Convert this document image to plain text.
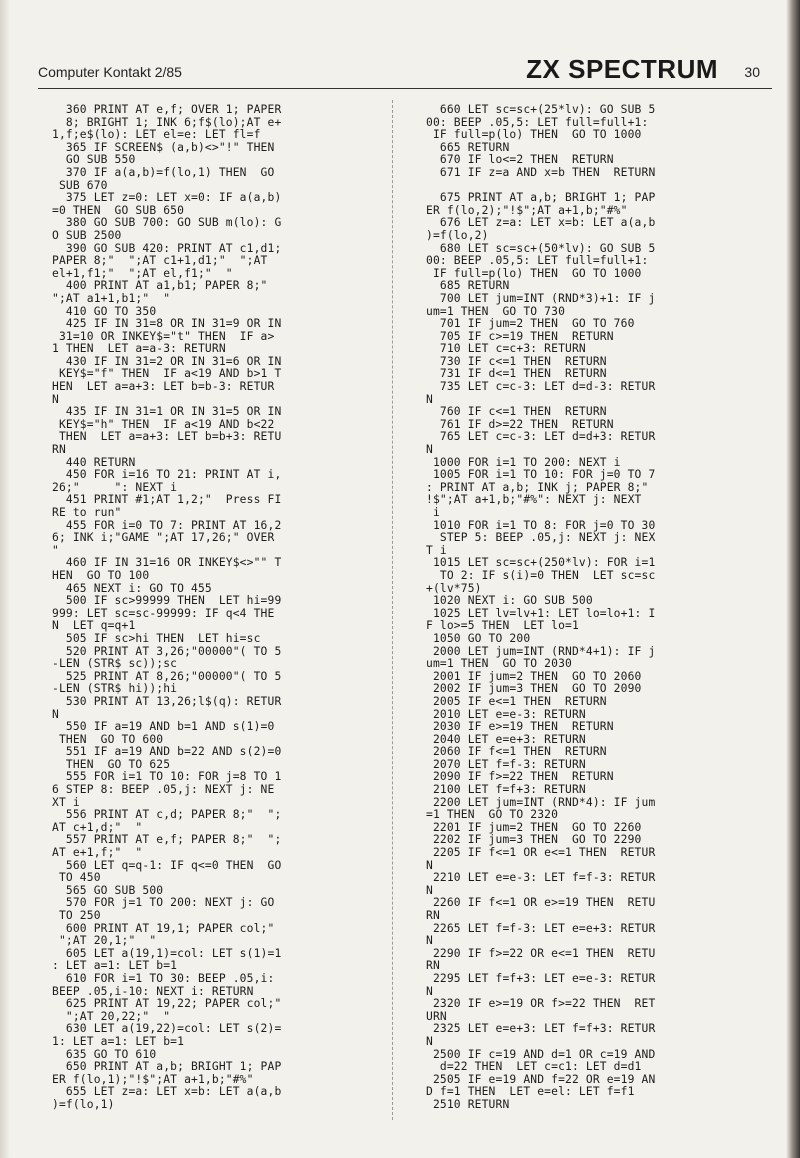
Computer Kontakt 2/85	ZX SPECTRUM 30
360 PRINT AT e,f; OVER 1; PAPER
8; BRIGHT 1; INK 6;f$(lo);AT e+
1,f;e$(lo): LET el=e: LET fl=f
365 IF SCREEN$ (a,b)<>"!" THEN
GO SUB 550
370 IF a(a,b)=f(lo,1) THEN  GO
SUB 670
375 LET z=0: LET x=0: IF a(a,b)
=0 THEN  GO SUB 650
380 GO SUB 700: GO SUB m(lo): G
O SUB 2500
390 GO SUB 420: PRINT AT c1,d1;
PAPER 8;"  ";AT c1+1,d1;"  ";AT
el+1,f1;"  ";AT el,f1;"  "
400 PRINT AT a1,b1; PAPER 8;"
";AT a1+1,b1;"  "
410 GO TO 350
425 IF IN 31=8 OR IN 31=9 OR IN
31=10 OR INKEY$="t" THEN  IF a>
1 THEN  LET a=a-3: RETURN
430 IF IN 31=2 OR IN 31=6 OR IN
KEY$="f" THEN  IF a<19 AND b>1 T
HEN  LET a=a+3: LET b=b-3: RETUR
N
435 IF IN 31=1 OR IN 31=5 OR IN
KEY$="h" THEN  IF a<19 AND b<22
THEN  LET a=a+3: LET b=b+3: RETU
RN
440 RETURN
450 FOR i=16 TO 21: PRINT AT i,
26;"     ": NEXT i
451 PRINT #1;AT 1,2;"  Press FI
RE to run"
455 FOR i=0 TO 7: PRINT AT 16,2
6; INK i;"GAME ";AT 17,26;" OVER
"
460 IF IN 31=16 OR INKEY$<>"" T
HEN  GO TO 100
465 NEXT i: GO TO 455
500 IF sc>99999 THEN  LET hi=99
999: LET sc=sc-99999: IF q<4 THE
N  LET q=q+1
505 IF sc>hi THEN  LET hi=sc
520 PRINT AT 3,26;"00000"( TO 5
-LEN (STR$ sc));sc
525 PRINT AT 8,26;"00000"( TO 5
-LEN (STR$ hi));hi
530 PRINT AT 13,26;l$(q): RETUR
N
550 IF a=19 AND b=1 AND s(1)=0
THEN  GO TO 600
551 IF a=19 AND b=22 AND s(2)=0
THEN  GO TO 625
555 FOR i=1 TO 10: FOR j=8 TO 1
6 STEP 8: BEEP .05,j: NEXT j: NE
XT i
556 PRINT AT c,d; PAPER 8;"  ";
AT c+1,d;"  "
557 PRINT AT e,f; PAPER 8;"  ";
AT e+1,f;"  "
560 LET q=q-1: IF q<=0 THEN  GO
TO 450
565 GO SUB 500
570 FOR j=1 TO 200: NEXT j: GO
TO 250
600 PRINT AT 19,1; PAPER col;"
";AT 20,1;"  "
605 LET a(19,1)=col: LET s(1)=1
: LET a=1: LET b=1
610 FOR i=1 TO 30: BEEP .05,i:
BEEP .05,i-10: NEXT i: RETURN
625 PRINT AT 19,22; PAPER col;"
";AT 20,22;"  "
630 LET a(19,22)=col: LET s(2)=
1: LET a=1: LET b=1
635 GO TO 610
650 PRINT AT a,b; BRIGHT 1; PAP
ER f(lo,1);"!$";AT a+1,b;"#%"
655 LET z=a: LET x=b: LET a(a,b
)=f(lo,1)
660 LET sc=sc+(25*lv): GO SUB 5
00: BEEP .05,5: LET full=full+1:
IF full=p(lo) THEN  GO TO 1000
665 RETURN
670 IF lo<=2 THEN  RETURN
671 IF z=a AND x=b THEN  RETURN
675 PRINT AT a,b; BRIGHT 1; PAP
ER f(lo,2);"!$";AT a+1,b;"#%"
676 LET z=a: LET x=b: LET a(a,b
)=f(lo,2)
680 LET sc=sc+(50*lv): GO SUB 5
00: BEEP .05,5: LET full=full+1:
IF full=p(lo) THEN  GO TO 1000
685 RETURN
700 LET jum=INT (RND*3)+1: IF j
um=1 THEN  GO TO 730
701 IF jum=2 THEN  GO TO 760
705 IF c>=19 THEN  RETURN
710 LET c=c+3: RETURN
730 IF c<=1 THEN  RETURN
731 IF d<=1 THEN  RETURN
735 LET c=c-3: LET d=d-3: RETUR
N
760 IF c<=1 THEN  RETURN
761 IF d>=22 THEN  RETURN
765 LET c=c-3: LET d=d+3: RETUR
N
1000 FOR i=1 TO 200: NEXT i
1005 FOR i=1 TO 10: FOR j=0 TO 7
: PRINT AT a,b; INK j; PAPER 8;"
!$";AT a+1,b;"#%": NEXT j: NEXT
i
1010 FOR i=1 TO 8: FOR j=0 TO 30
STEP 5: BEEP .05,j: NEXT j: NEX
T i
1015 LET sc=sc+(250*lv): FOR i=1
TO 2: IF s(i)=0 THEN  LET sc=sc
+(lv*75)
1020 NEXT i: GO SUB 500
1025 LET lv=lv+1: LET lo=lo+1: I
F lo>=5 THEN  LET lo=1
1050 GO TO 200
2000 LET jum=INT (RND*4+1): IF j
um=1 THEN  GO TO 2030
2001 IF jum=2 THEN  GO TO 2060
2002 IF jum=3 THEN  GO TO 2090
2005 IF e<=1 THEN  RETURN
2010 LET e=e-3: RETURN
2030 IF e>=19 THEN  RETURN
2040 LET e=e+3: RETURN
2060 IF f<=1 THEN  RETURN
2070 LET f=f-3: RETURN
2090 IF f>=22 THEN  RETURN
2100 LET f=f+3: RETURN
2200 LET jum=INT (RND*4): IF jum
=1 THEN  GO TO 2320
2201 IF jum=2 THEN  GO TO 2260
2202 IF jum=3 THEN  GO TO 2290
2205 IF f<=1 OR e<=1 THEN  RETUR
N
2210 LET e=e-3: LET f=f-3: RETUR
N
2260 IF f<=1 OR e>=19 THEN  RETU
RN
2265 LET f=f-3: LET e=e+3: RETUR
N
2290 IF f>=22 OR e<=1 THEN  RETU
RN
2295 LET f=f+3: LET e=e-3: RETUR
N
2320 IF e>=19 OR f>=22 THEN  RET
URN
2325 LET e=e+3: LET f=f+3: RETUR
N
2500 IF c=19 AND d=1 OR c=19 AND
d=22 THEN  LET c=c1: LET d=d1
2505 IF e=19 AND f=22 OR e=19 AN
D f=1 THEN  LET e=el: LET f=f1
2510 RETURN
